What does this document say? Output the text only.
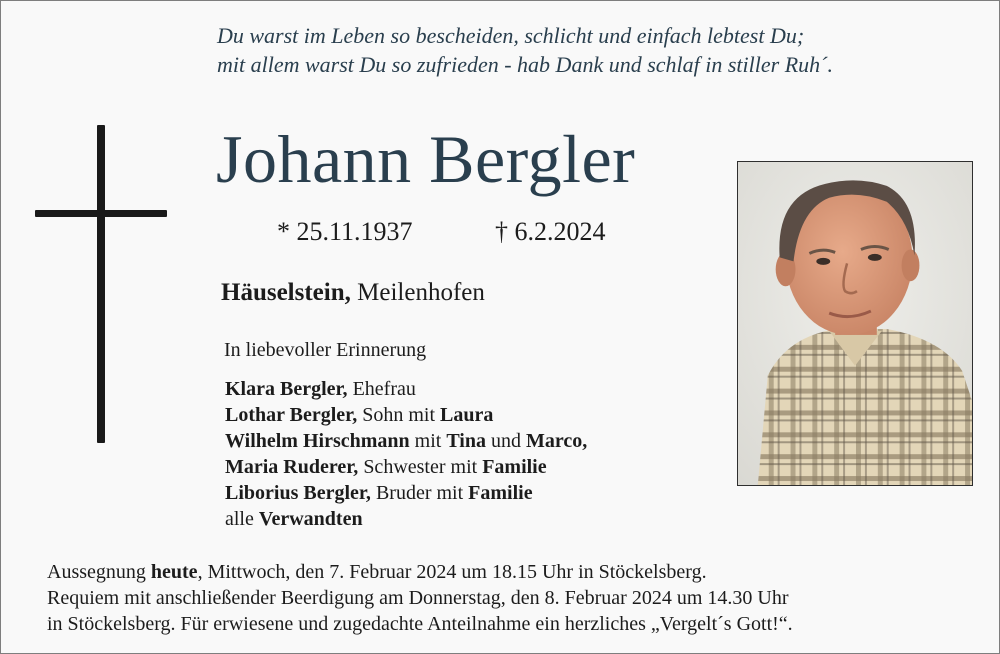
Du warst im Leben so bescheiden, schlicht und einfach lebtest Du;
mit allem warst Du so zufrieden - hab Dank und schlaf in stiller Ruh´.
Johann Bergler
* 25.11.1937	† 6.2.2024
Häuselstein, Meilenhofen
In liebevoller Erinnerung
Klara Bergler, Ehefrau
Lothar Bergler, Sohn mit Laura
Wilhelm Hirschmann mit Tina und Marco,
Maria Ruderer, Schwester mit Familie
Liborius Bergler, Bruder mit Familie
alle Verwandten
Aussegnung heute, Mittwoch, den 7. Februar 2024 um 18.15 Uhr in Stöckelsberg.
Requiem mit anschließender Beerdigung am Donnerstag, den 8. Februar 2024 um 14.30 Uhr
in Stöckelsberg. Für erwiesene und zugedachte Anteilnahme ein herzliches „Vergelt´s Gott!“.
